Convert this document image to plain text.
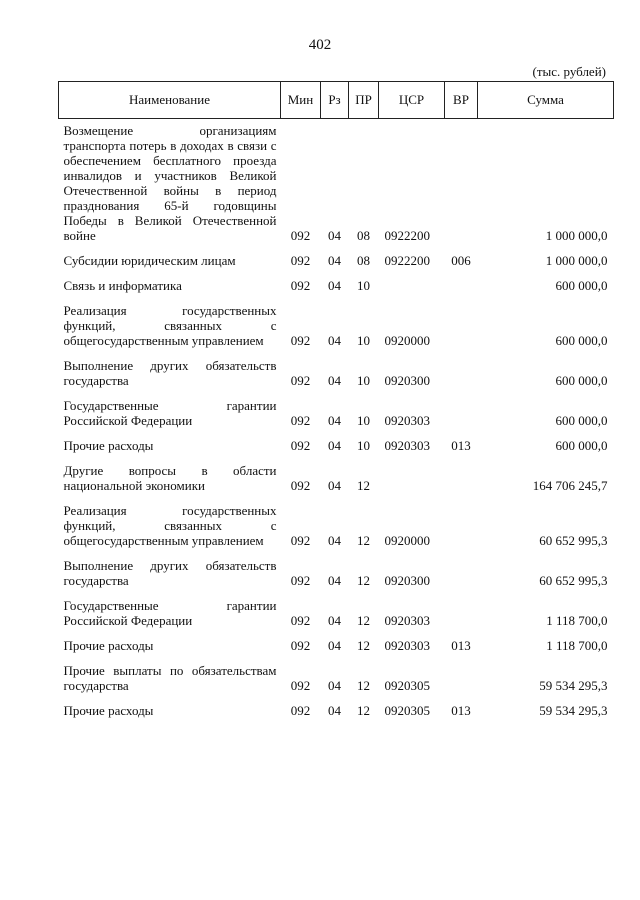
402
(тыс. рублей)
Наименование	Мин	Рз	ПР	ЦСР	ВР	Сумма
Возмещение организациям транспорта потерь в доходах в связи с обеспечением бесплатного проезда инвалидов и участников Великой Отечественной войны в период празднования 65-й годовщины Победы в Великой Отечественной войне	092	04	08	0922200		1 000 000,0
Субсидии юридическим лицам	092	04	08	0922200	006	1 000 000,0
Связь и информатика	092	04	10			600 000,0
Реализация государственных функций, связанных с общегосударственным управлением	092	04	10	0920000		600 000,0
Выполнение других обязательств государства	092	04	10	0920300		600 000,0
Государственные гарантии Российской Федерации	092	04	10	0920303		600 000,0
Прочие расходы	092	04	10	0920303	013	600 000,0
Другие вопросы в области национальной экономики	092	04	12			164 706 245,7
Реализация государственных функций, связанных с общегосударственным управлением	092	04	12	0920000		60 652 995,3
Выполнение других обязательств государства	092	04	12	0920300		60 652 995,3
Государственные гарантии Российской Федерации	092	04	12	0920303		1 118 700,0
Прочие расходы	092	04	12	0920303	013	1 118 700,0
Прочие выплаты по обязательствам государства	092	04	12	0920305		59 534 295,3
Прочие расходы	092	04	12	0920305	013	59 534 295,3
